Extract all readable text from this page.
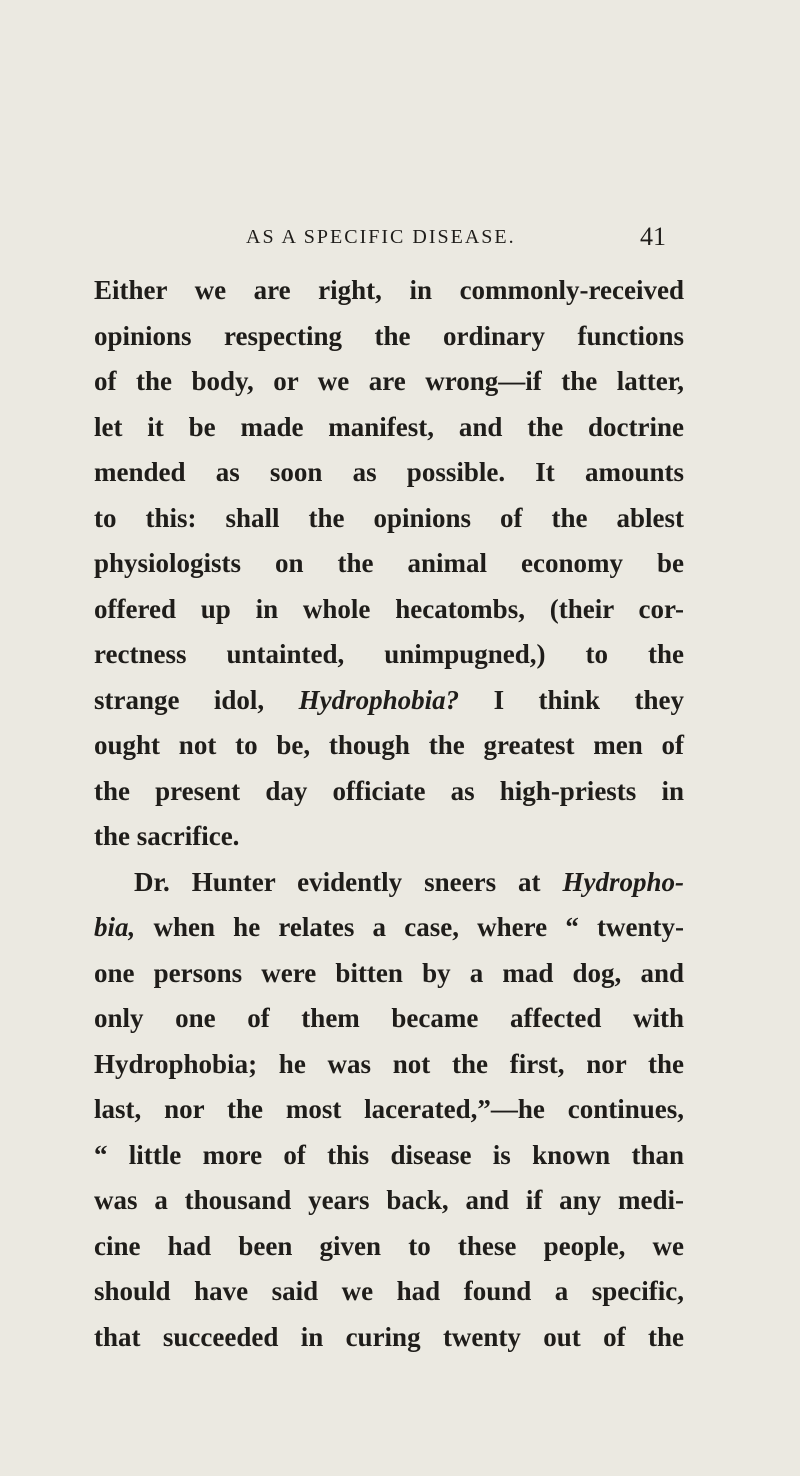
AS A SPECIFIC DISEASE.	41
Either we are right, in commonly-received
opinions respecting the ordinary functions
of the body, or we are wrong—if the latter,
let it be made manifest, and the doctrine
mended as soon as possible. It amounts
to this: shall the opinions of the ablest
physiologists on the animal economy be
offered up in whole hecatombs, (their cor-
rectness untainted, unimpugned,) to the
strange idol, Hydrophobia? I think they
ought not to be, though the greatest men of
the present day officiate as high-priests in
the sacrifice.
Dr. Hunter evidently sneers at Hydropho-
bia, when he relates a case, where “ twenty-
one persons were bitten by a mad dog, and
only one of them became affected with
Hydrophobia; he was not the first, nor the
last, nor the most lacerated,”—he continues,
“ little more of this disease is known than
was a thousand years back, and if any medi-
cine had been given to these people, we
should have said we had found a specific,
that succeeded in curing twenty out of the
